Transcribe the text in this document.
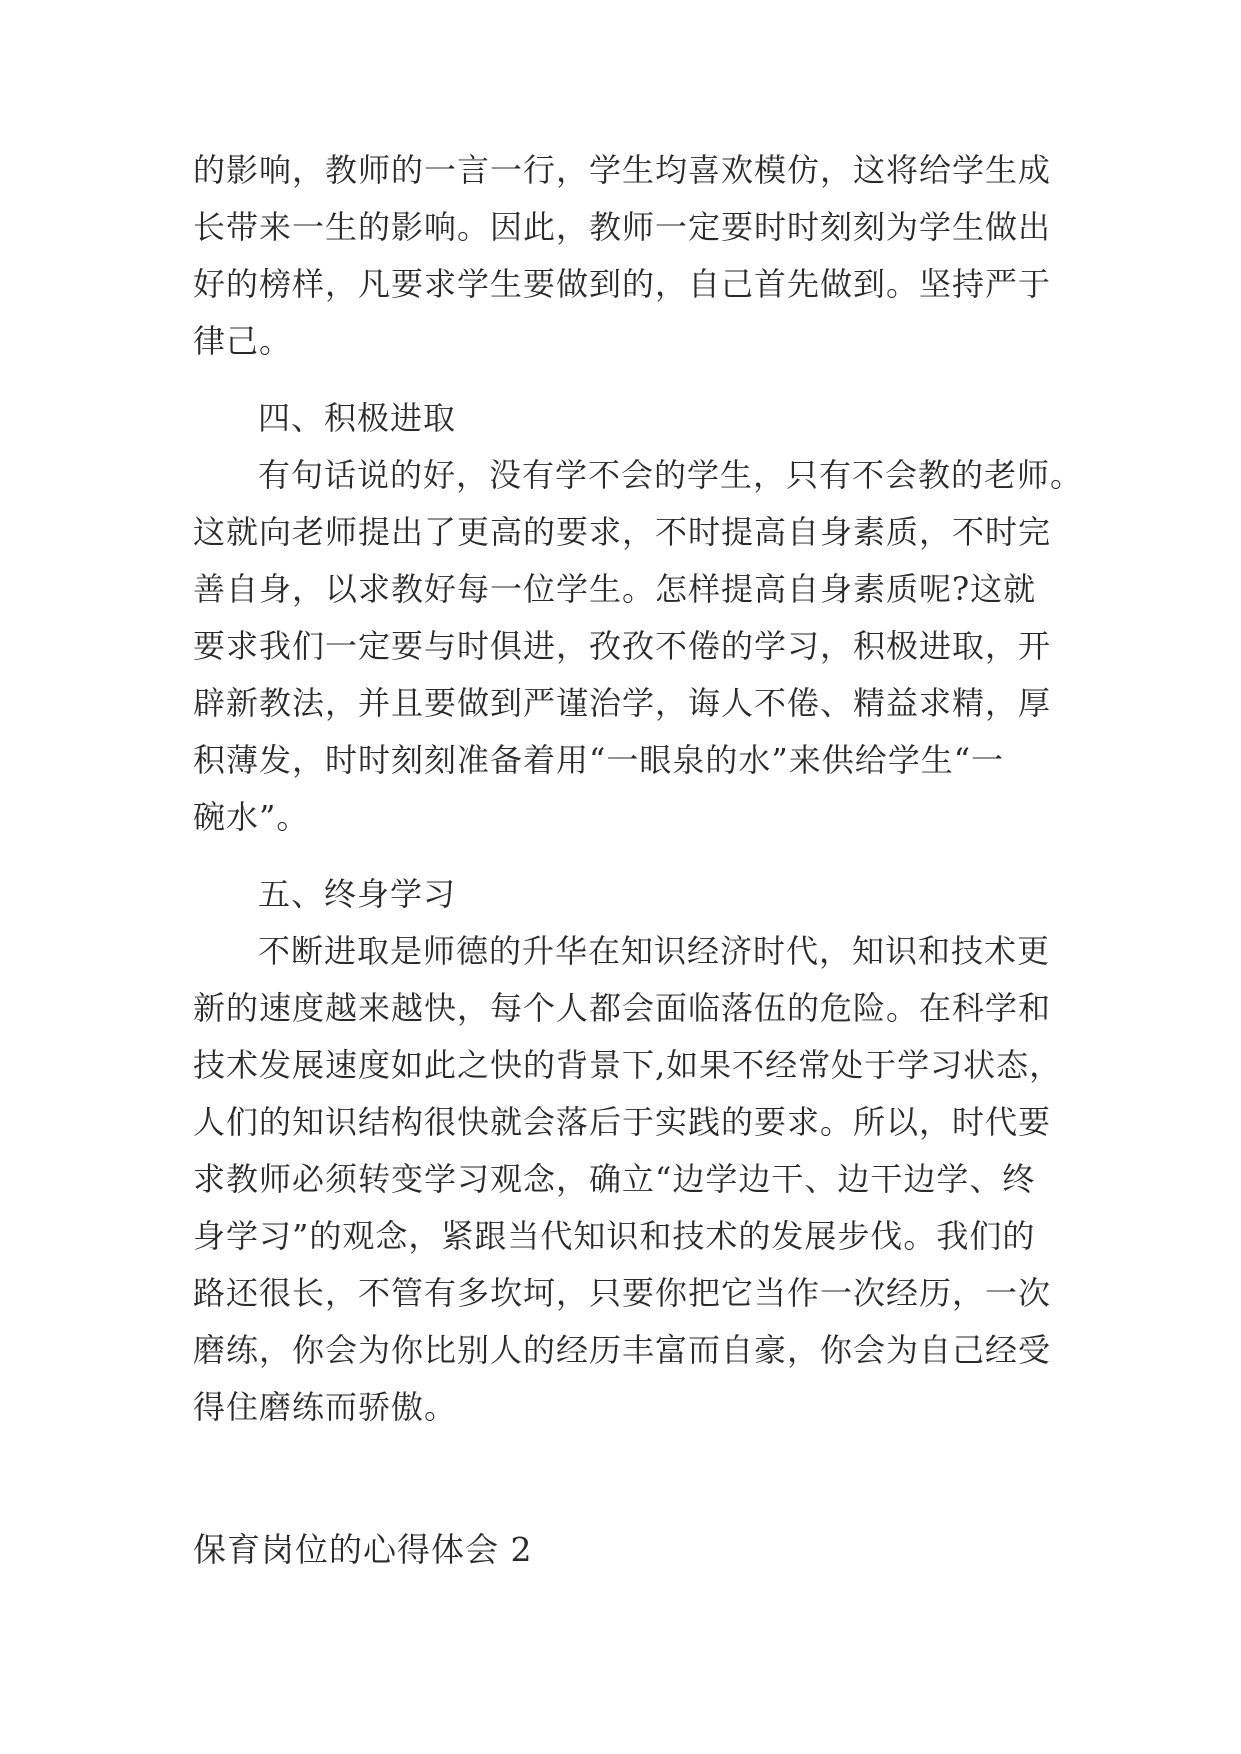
的影响，教师的一言一行，学生均喜欢模仿，这将给学生成
长带来一生的影响。因此，教师一定要时时刻刻为学生做出
好的榜样，凡要求学生要做到的，自己首先做到。坚持严于
律己。
四、积极进取
有句话说的好，没有学不会的学生，只有不会教的老师。
这就向老师提出了更高的要求，不时提高自身素质，不时完
善自身，以求教好每一位学生。怎样提高自身素质呢?这就
要求我们一定要与时俱进，孜孜不倦的学习，积极进取，开
辟新教法，并且要做到严谨治学，诲人不倦、精益求精，厚
积薄发，时时刻刻准备着用“一眼泉的水”来供给学生“一
碗水”。
五、终身学习
不断进取是师德的升华在知识经济时代，知识和技术更
新的速度越来越快，每个人都会面临落伍的危险。在科学和
技术发展速度如此之快的背景下,如果不经常处于学习状态，
人们的知识结构很快就会落后于实践的要求。所以，时代要
求教师必须转变学习观念，确立“边学边干、边干边学、终
身学习”的观念，紧跟当代知识和技术的发展步伐。我们的
路还很长，不管有多坎坷，只要你把它当作一次经历，一次
磨练，你会为你比别人的经历丰富而自豪，你会为自己经受
得住磨练而骄傲。
保育岗位的心得体会 2
